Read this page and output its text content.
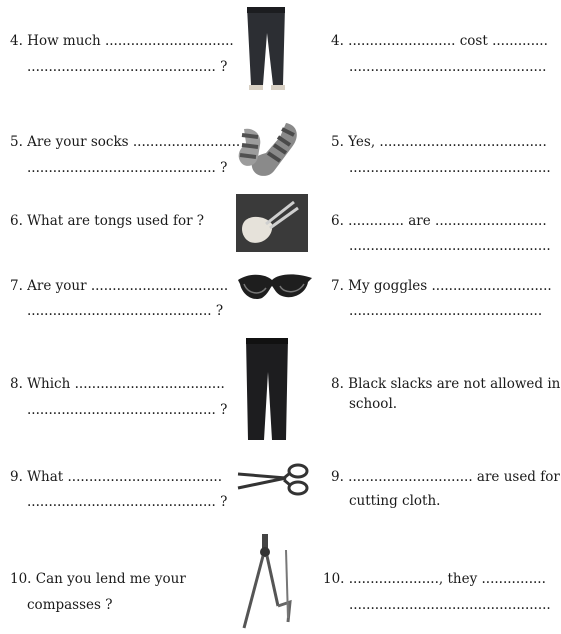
4. How much ..............................
............................................ ?
4. ......................... cost .............
..............................................
5. Are your socks .........................
............................................ ?
5. Yes, .......................................
...............................................
6. What are tongs used for ?	6. ............. are ..........................
...............................................
7. Are your ................................
........................................... ?
7. My goggles ............................
.............................................
8. Which ...................................
............................................ ?
8. Black slacks are not allowed in
school.
9. What ....................................
............................................ ?
9. ............................. are used for
cutting cloth.
10. Can you lend me your
compasses ?
10. ....................., they ...............
...............................................
